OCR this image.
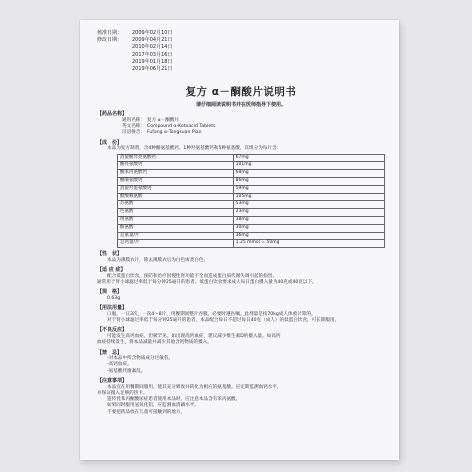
核准日期： 2009年02月10日
修改日期： 2009年04月21日
2010年02月14日
2017年03月16日
2019年01月18日
2019年06月21日
复方 α－酮酸片说明书
请仔细阅读说明书并在医师指导下使用。
【药品名称】
通用名称： 复方 α－酮酸片
英文名称： Compound α-Ketoacid Tablets
汉语拼音： Fufang α-Tongsuan Pian
【成　份】
本品为复方制剂，含4种酮氨基酸钙、1种羟氨基酸钙和5种氨基酸，其组分为每片含：
消旋酮异亮氨酸钙	67mg
酮亮氨酸钙	101mg
酮苯丙氨酸钙	68mg
酮缬氨酸钙	86mg
消旋羟蛋氨酸钙	59mg
醋酸赖氨酸	105mg
苏氨酸	53mg
色氨酸	23mg
组氨酸	38mg
酪氨酸	30mg
总氮量/片	36mg
总钙量/片	1.25 mmol = 50mg
【性　状】
本品为薄膜衣片，除去薄膜衣后为白色或类白色。
【适 应 症】
配合低蛋白饮食，预防和治疗因慢性肾功能不全而造成蛋白质代谢失调引起的损害。
通常用于肾小球滤过率低于每分钟25毫升的患者。低蛋白饮食要求成人每日蛋白摄入量为40克或40克以下。
【规　格】
0.63g
【用法用量】
口服。一日3次，一次4～8片，用餐期间整片吞服。必要时遵医嘱。此剂量是按70kg成人体重计算的。
对于肾小球滤过率低于每分钟25毫升的患者，本品配合每日不超过每日40克（成人）的低蛋白饮食，可长期服用。
【不良反应】
可能发生高钙血症，但极罕见。如出现高钙血症，建议减少维生素D的摄入量。如高钙
血症持续发生，将本品减量并减少其他含钙物质的摄入。
【禁　忌】
-对本品中所含物质成分过敏者。
-高钙血症。
-氨基酸代谢紊乱。
【注意事项】
本品宜在用餐期间服用，使其充分吸收并转化为相应的氨基酸。应定期监测血钙水平，
并保证摄入足够的热卡。
遗传性苯丙酮酸尿症患者使用本品时，应注意本品含有苯丙氨酸。
如果同时服用氢氧化铝，应监测血清磷水平。
不要把药品放在儿童可接触到的地方。
